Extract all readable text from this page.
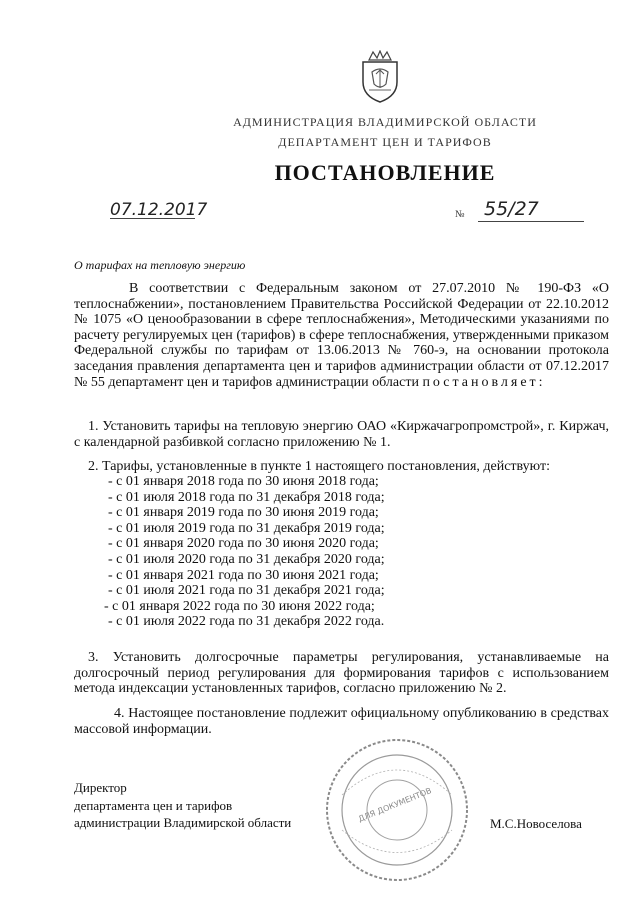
АДМИНИСТРАЦИЯ ВЛАДИМИРСКОЙ ОБЛАСТИ
ДЕПАРТАМЕНТ ЦЕН И ТАРИФОВ
ПОСТАНОВЛЕНИЕ
07.12.2017	№ 55/27
О тарифах на тепловую энергию
В соответствии с Федеральным законом от 27.07.2010 № 190-ФЗ «О теплоснабжении», постановлением Правительства Российской Федерации от 22.10.2012 № 1075 «О ценообразовании в сфере теплоснабжения», Методическими указаниями по расчету регулируемых цен (тарифов) в сфере теплоснабжения, утвержденными приказом Федеральной службы по тарифам от 13.06.2013 № 760-э, на основании протокола заседания правления департамента цен и тарифов администрации области от 07.12.2017 № 55 департамент цен и тарифов администрации области постановляет:
1. Установить тарифы на тепловую энергию ОАО «Киржачагропромстрой», г. Киржач, с календарной разбивкой согласно приложению № 1.
2. Тарифы, установленные в пункте 1 настоящего постановления, действуют:
- с 01 января 2018 года по 30 июня 2018 года;
- с 01 июля 2018 года по 31 декабря 2018 года;
- с 01 января 2019 года по 30 июня 2019 года;
- с 01 июля 2019 года по 31 декабря 2019 года;
- с 01 января 2020 года по 30 июня 2020 года;
- с 01 июля 2020 года по 31 декабря 2020 года;
- с 01 января 2021 года по 30 июня 2021 года;
- с 01 июля 2021 года по 31 декабря 2021 года;
- с 01 января 2022 года по 30 июня 2022 года;
- с 01 июля 2022 года по 31 декабря 2022 года.
3. Установить долгосрочные параметры регулирования, устанавливаемые на долгосрочный период регулирования для формирования тарифов с использованием метода индексации установленных тарифов, согласно приложению № 2.
4. Настоящее постановление подлежит официальному опубликованию в средствах массовой информации.
Директор
департамента цен и тарифов
администрации Владимирской области	М.С.Новоселова
ДЛЯ ДОКУМЕНТОВ
